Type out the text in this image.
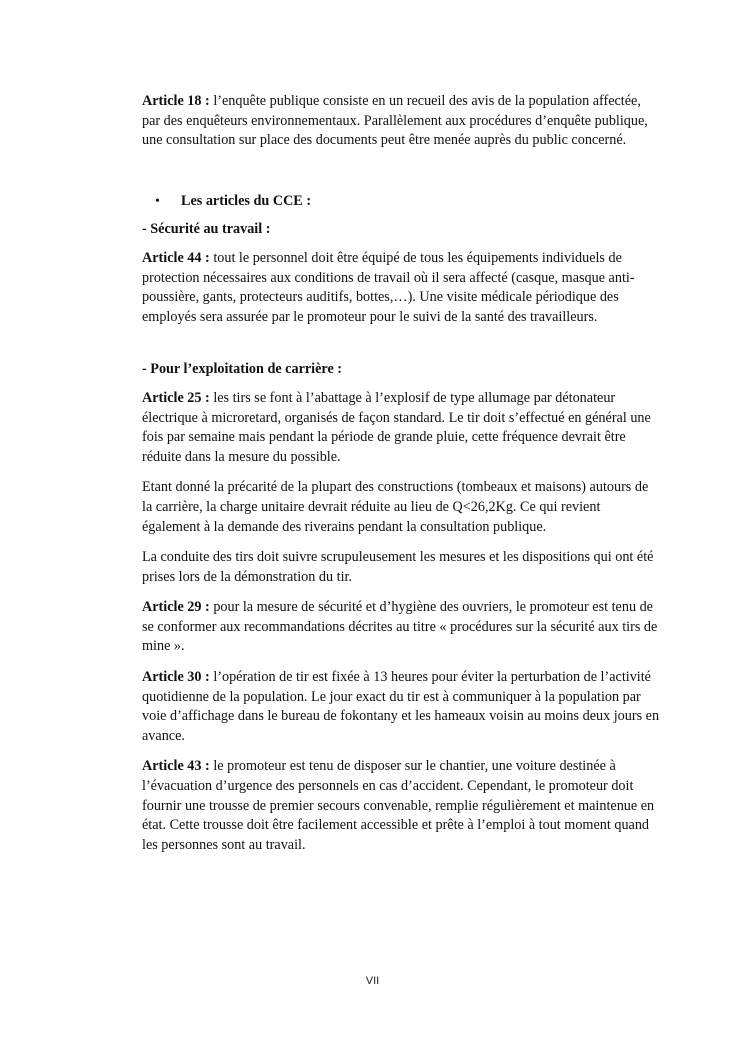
Article 18 : l’enquête publique consiste en un recueil des avis de la population affectée, par des enquêteurs environnementaux. Parallèlement aux procédures d’enquête publique, une consultation sur place des documents peut être menée auprès du public concerné.

•	Les articles du CCE :
- Sécurité au travail :

Article 44 : tout le personnel doit être équipé de tous les équipements individuels de protection nécessaires aux conditions de travail où il sera affecté (casque, masque anti-poussière, gants, protecteurs auditifs, bottes,…). Une visite médicale périodique des employés sera assurée par le promoteur pour le suivi de la santé des travailleurs.

- Pour l’exploitation de carrière :

Article 25 : les tirs se font à l’abattage à l’explosif de type allumage par détonateur électrique à microretard, organisés de façon standard. Le tir doit s’effectué en général une fois par semaine mais pendant la période de grande pluie, cette fréquence devrait être réduite dans la mesure du possible.

Etant donné la précarité de la plupart des constructions (tombeaux et maisons) autours de la carrière, la charge unitaire devrait réduite au lieu de Q<26,2Kg. Ce qui revient également à la demande des riverains pendant la consultation publique.

La conduite des tirs doit suivre scrupuleusement les mesures et les dispositions qui ont été prises lors de la démonstration du tir.

Article 29 : pour la mesure de sécurité et d’hygiène des ouvriers, le promoteur est tenu de se conformer aux recommandations décrites au titre « procédures sur la sécurité aux tirs de mine ».

Article 30 : l’opération de tir est fixée à 13 heures pour éviter la perturbation de l’activité quotidienne de la population. Le jour exact du tir est à communiquer à la population par voie d’affichage dans le bureau de fokontany et les hameaux voisin au moins deux jours en avance.

Article 43 : le promoteur est tenu de disposer sur le chantier, une voiture destinée à l’évacuation d’urgence des personnels en cas d’accident. Cependant, le promoteur doit fournir une trousse de premier secours convenable, remplie régulièrement et maintenue en état. Cette trousse doit être facilement accessible et prête à l’emploi à tout moment quand les personnes sont au travail.

VII
